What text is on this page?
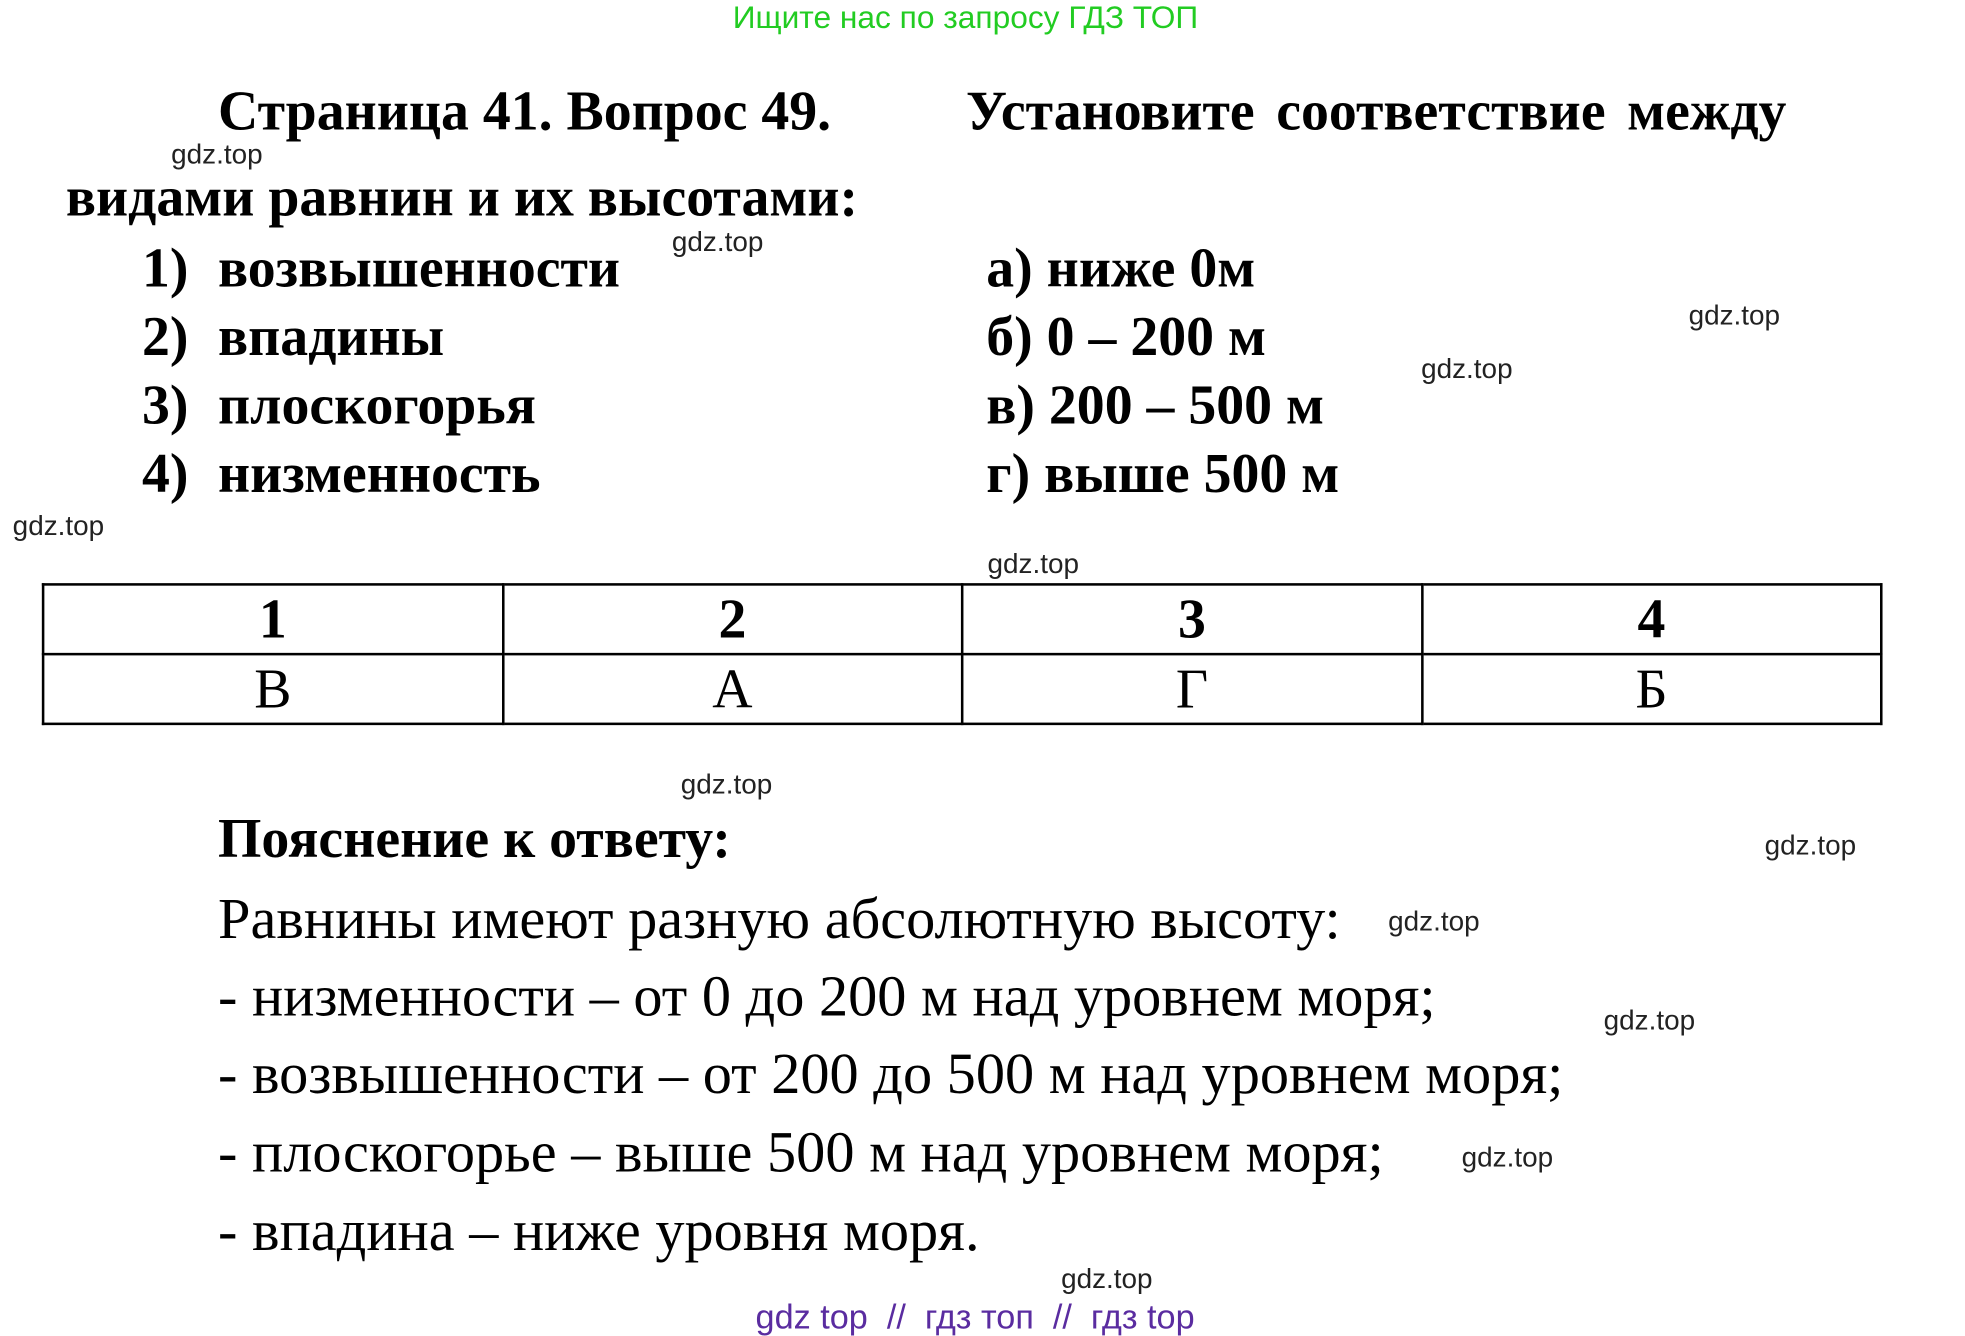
Ищите нас по запросу ГДЗ ТОП
Страница 41. Вопрос 49.	Установите соответствие между
видами равнин и их высотами:
1) возвышенности
2) впадины
3) плоскогорья
4) низменность
а) ниже 0м
б) 0 – 200 м
в) 200 – 500 м
г) выше 500 м
1	2	3	4
В	А	Г	Б
Пояснение к ответу:
Равнины имеют разную абсолютную высоту:
- низменности – от 0 до 200 м над уровнем моря;
- возвышенности – от 200 до 500 м над уровнем моря;
- плоскогорье – выше 500 м над уровнем моря;
- впадина – ниже уровня моря.
gdz.top
gdz.top
gdz.top
gdz.top
gdz.top
gdz.top
gdz.top
gdz.top
gdz.top
gdz.top
gdz.top
gdz.top
gdz top  //  гдз топ  //  гдз top
